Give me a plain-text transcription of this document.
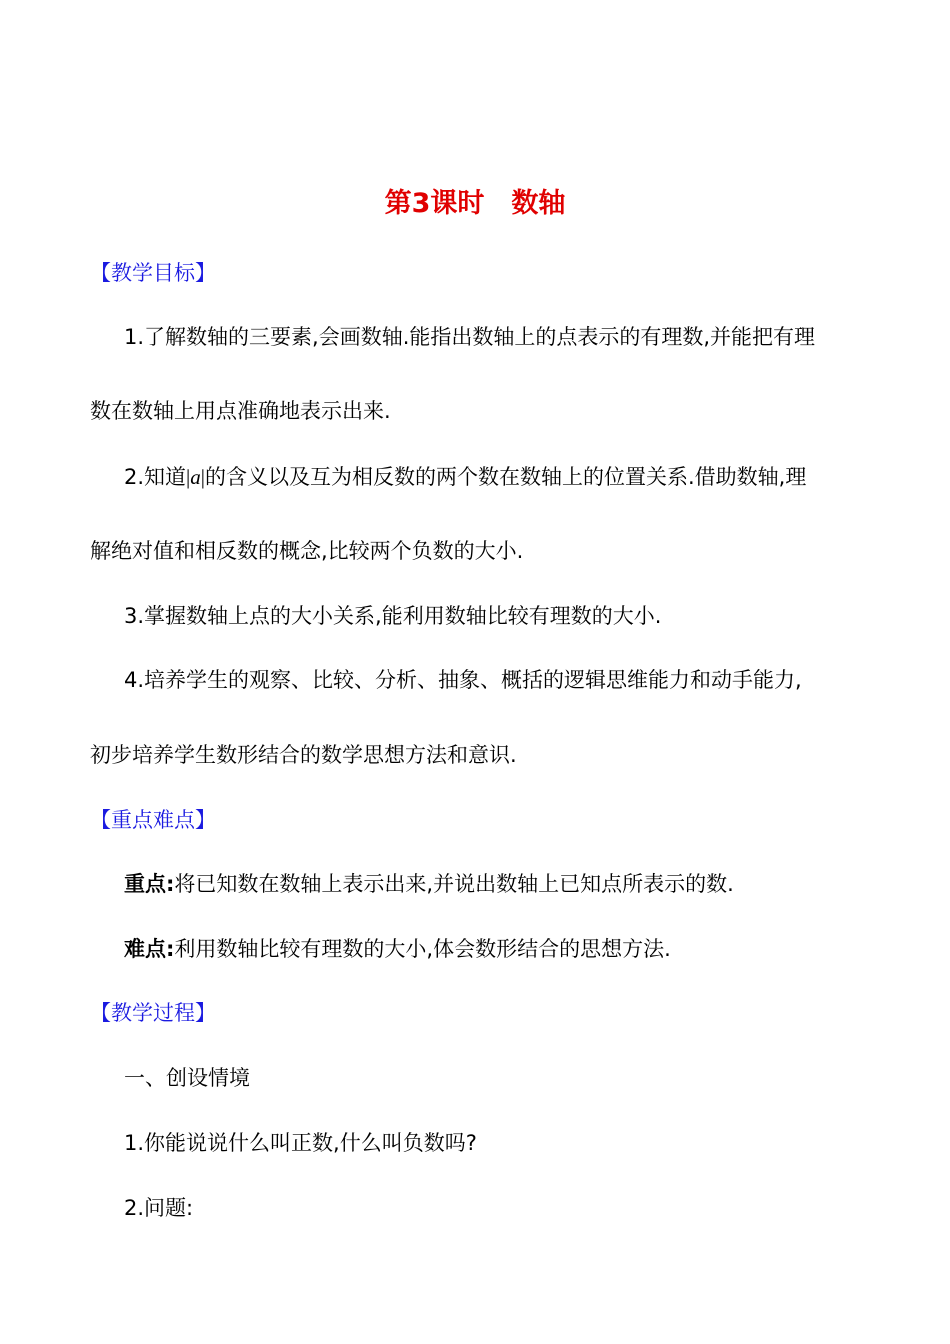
第3课时　数轴
【教学目标】
1.了解数轴的三要素,会画数轴.能指出数轴上的点表示的有理数,并能把有理
数在数轴上用点准确地表示出来.
2.知道|a|的含义以及互为相反数的两个数在数轴上的位置关系.借助数轴,理
解绝对值和相反数的概念,比较两个负数的大小.
3.掌握数轴上点的大小关系,能利用数轴比较有理数的大小.
4.培养学生的观察、比较、分析、抽象、概括的逻辑思维能力和动手能力,
初步培养学生数形结合的数学思想方法和意识.
【重点难点】
重点:将已知数在数轴上表示出来,并说出数轴上已知点所表示的数.
难点:利用数轴比较有理数的大小,体会数形结合的思想方法.
【教学过程】
一、创设情境
1.你能说说什么叫正数,什么叫负数吗?
2.问题:
